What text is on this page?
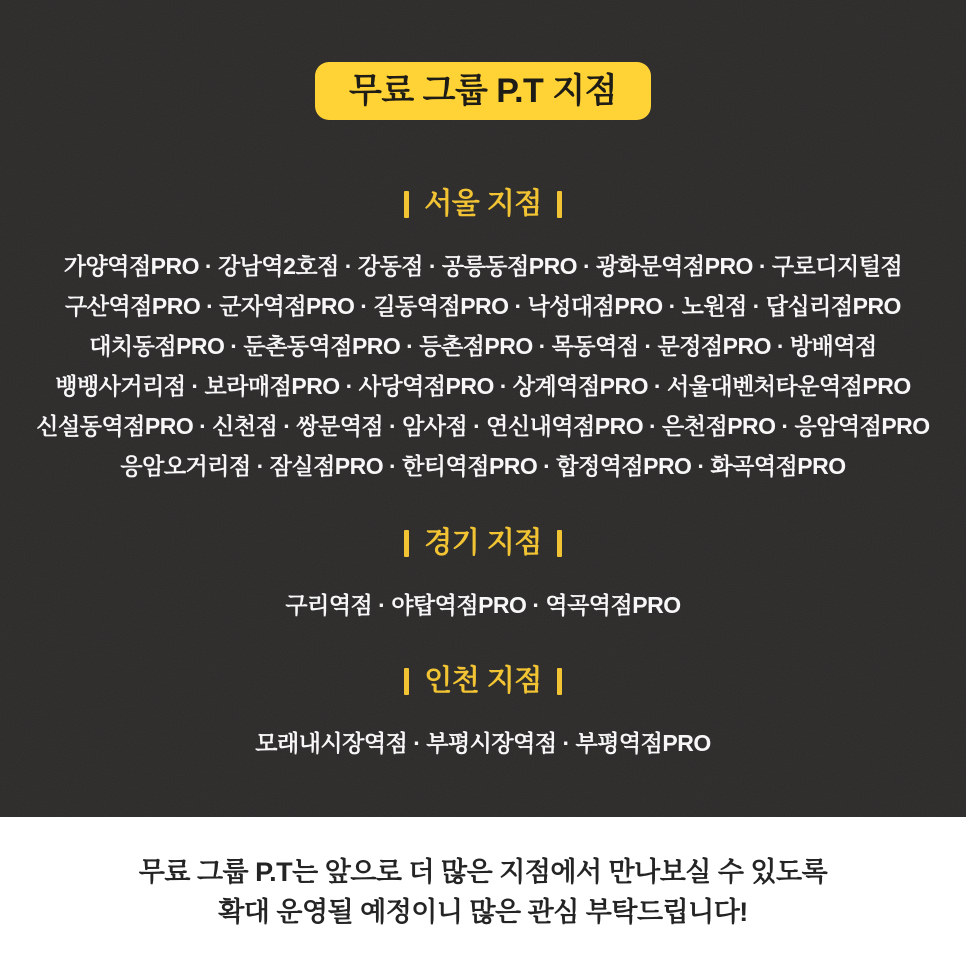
무료 그룹 P.T 지점
서울 지점

가양역점PRO · 강남역2호점 · 강동점 · 공릉동점PRO · 광화문역점PRO · 구로디지털점

구산역점PRO · 군자역점PRO · 길동역점PRO · 낙성대점PRO · 노원점 · 답십리점PRO

대치동점PRO · 둔촌동역점PRO · 등촌점PRO · 목동역점 · 문정점PRO · 방배역점

뱅뱅사거리점 · 보라매점PRO · 사당역점PRO · 상계역점PRO · 서울대벤처타운역점PRO

신설동역점PRO · 신천점 · 쌍문역점 · 암사점 · 연신내역점PRO · 은천점PRO · 응암역점PRO

응암오거리점 · 잠실점PRO · 한티역점PRO · 합정역점PRO · 화곡역점PRO

경기 지점

구리역점 · 야탑역점PRO · 역곡역점PRO

인천 지점

모래내시장역점 · 부평시장역점 · 부평역점PRO

무료 그룹 P.T는 앞으로 더 많은 지점에서 만나보실 수 있도록

확대 운영될 예정이니 많은 관심 부탁드립니다!
